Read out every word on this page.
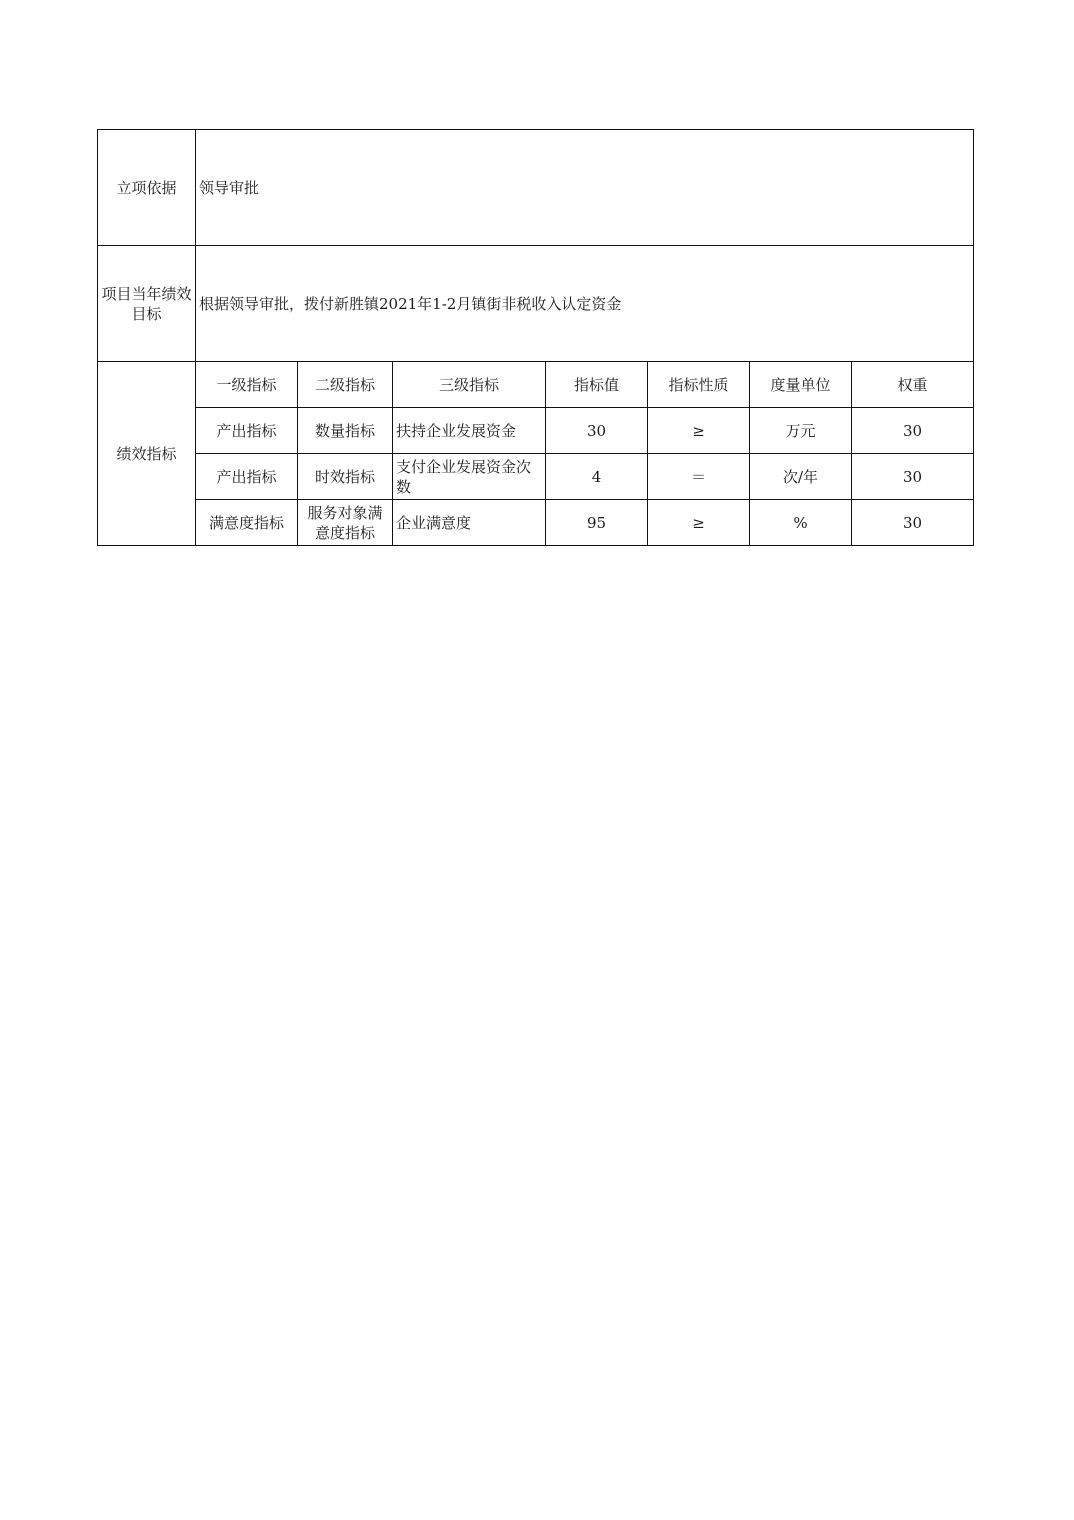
立项依据	领导审批						
项目当年绩效目标	根据领导审批，拨付新胜镇2021年1-2月镇街非税收入认定资金						
绩效指标	一级指标	二级指标	三级指标	指标值	指标性质	度量单位	权重
	产出指标	数量指标	扶持企业发展资金	30	≥	万元	30
	产出指标	时效指标	支付企业发展资金次数	4	＝	次/年	30
	满意度指标	服务对象满意度指标	企业满意度	95	≥	%	30
